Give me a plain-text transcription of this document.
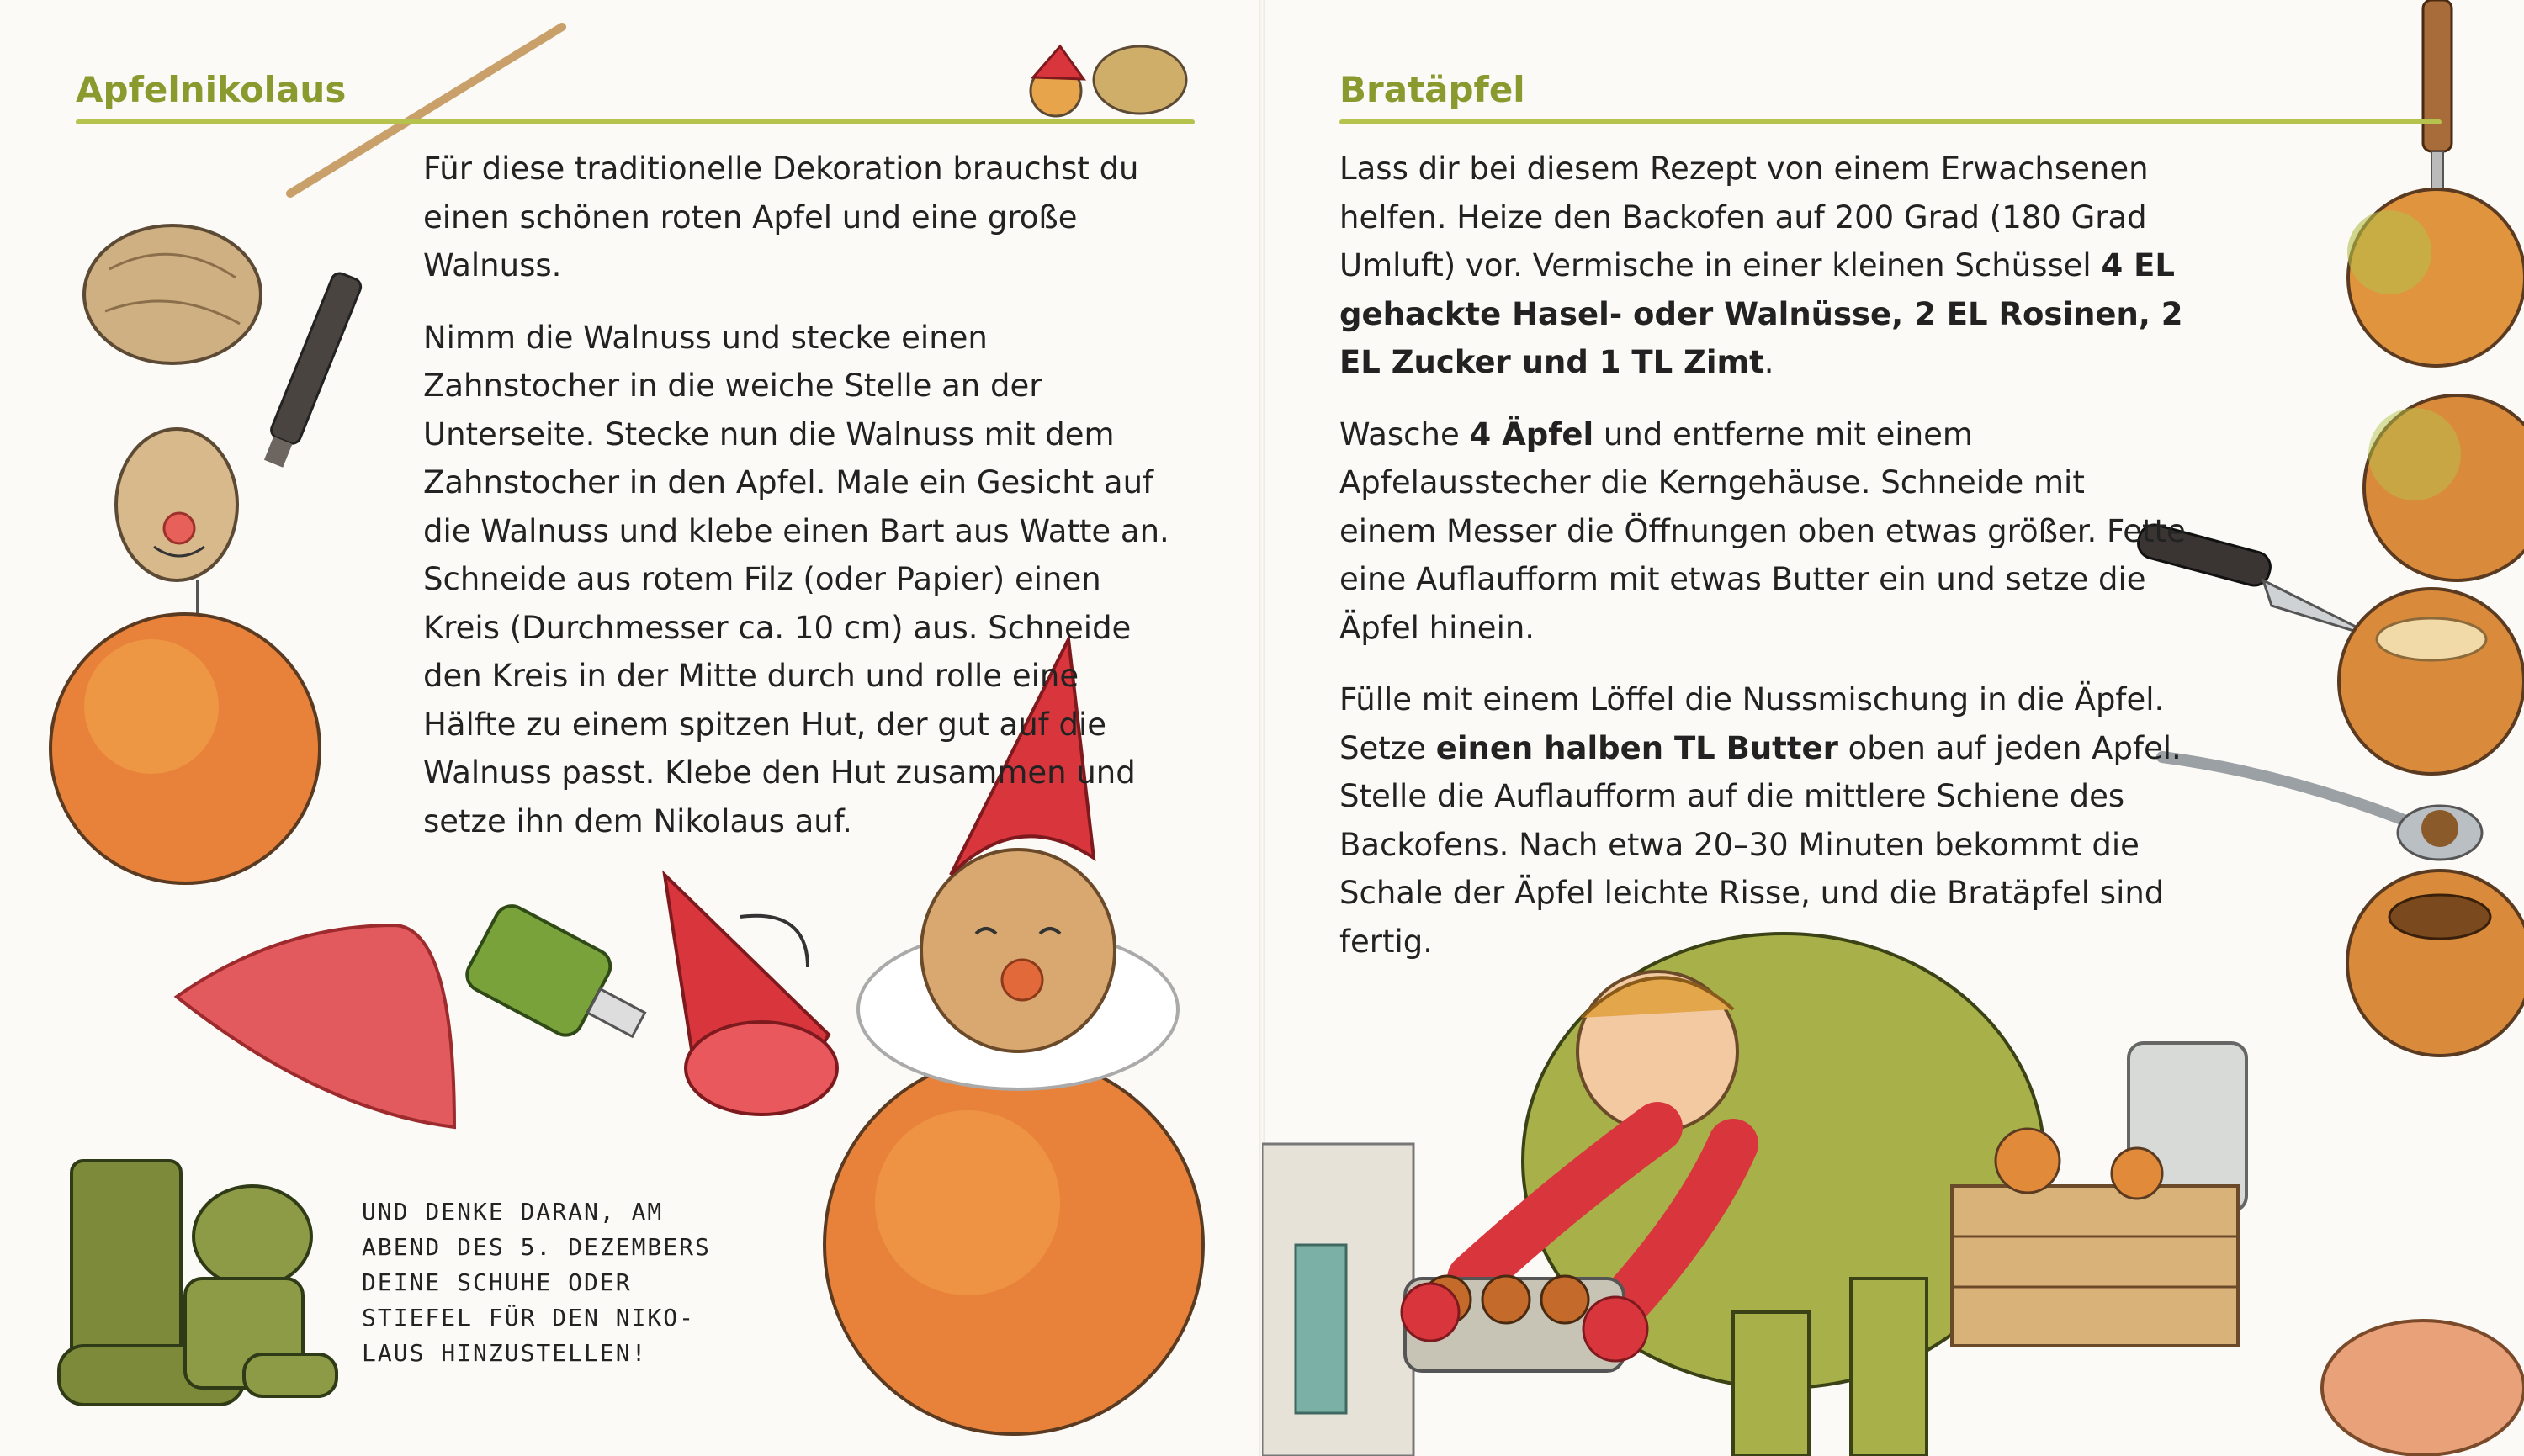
Apfelnikolaus

Für diese traditionelle Dekoration brauchst du einen schönen roten Apfel und eine große Walnuss.

Nimm die Walnuss und stecke einen Zahnstocher in die weiche Stelle an der Unterseite. Stecke nun die Walnuss mit dem Zahnstocher in den Apfel. Male ein Gesicht auf die Walnuss und klebe einen Bart aus Watte an. Schneide aus rotem Filz (oder Papier) einen Kreis (Durchmesser ca. 10 cm) aus. Schneide den Kreis in der Mitte durch und rolle eine Hälfte zu einem spitzen Hut, der gut auf die Walnuss passt. Klebe den Hut zusammen und setze ihn dem Nikolaus auf.

UND DENKE DARAN, AM
ABEND DES 5. DEZEMBERS
DEINE SCHUHE ODER
STIEFEL FÜR DEN NIKO-
LAUS HINZUSTELLEN!
Bratäpfel

Lass dir bei diesem Rezept von einem Erwachsenen helfen. Heize den Backofen auf 200 Grad (180 Grad Umluft) vor. Vermische in einer kleinen Schüssel 4 EL gehackte Hasel- oder Walnüsse, 2 EL Rosinen, 2 EL Zucker und 1 TL Zimt.

Wasche 4 Äpfel und entferne mit einem Apfelausstecher die Kerngehäuse. Schneide mit einem Messer die Öffnungen oben etwas größer. Fette eine Auflaufform mit etwas Butter ein und setze die Äpfel hinein.

Fülle mit einem Löffel die Nussmischung in die Äpfel. Setze einen halben TL Butter oben auf jeden Apfel. Stelle die Auflaufform auf die mittlere Schiene des Backofens. Nach etwa 20–30 Minuten bekommt die Schale der Äpfel leichte Risse, und die Bratäpfel sind fertig.
